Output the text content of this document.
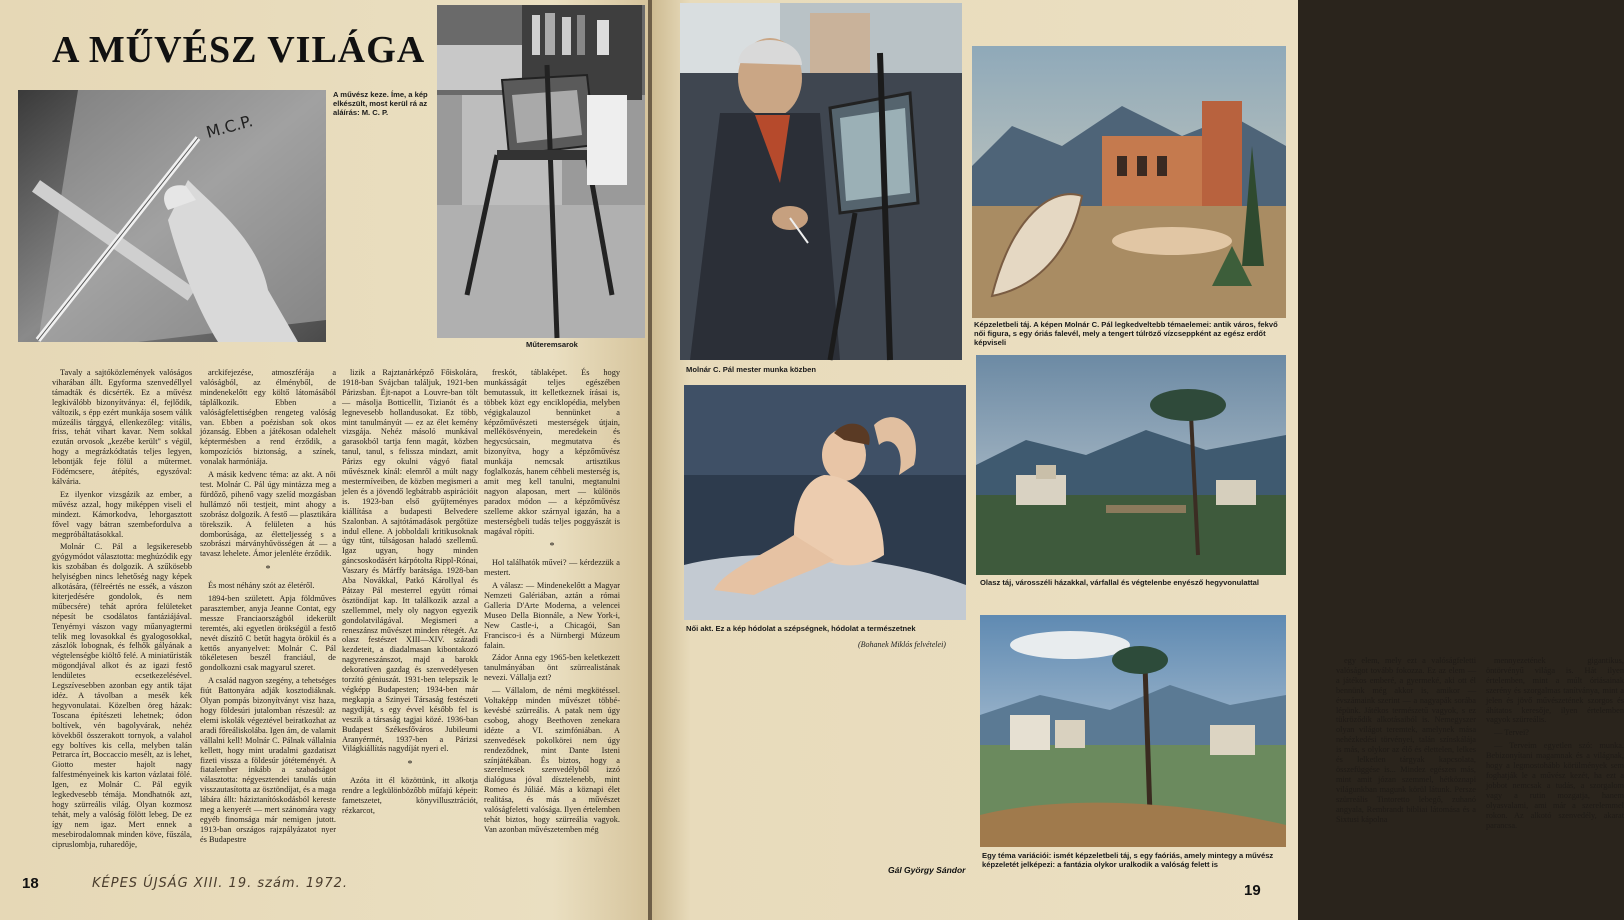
A MŰVÉSZ VILÁGA
M.C.P.
A művész keze. Íme, a kép elkészült, most kerül rá az aláírás: M. C. P.
Műteremsarok

Tavaly a sajtóközlemények valóságos viharában állt. Egyforma szenvedéllyel támadták és dicsérték. Ez a művész legkiválóbb bizonyítványa: él, fejlődik, változik, s épp ezért munkája sosem válik múzeális tárggyá, ellenkezőleg: vitális, friss, tehát vihart kavar. Nem sokkal ezután orvosok „kezébe került" s végül, hogy a megrázkódtatás teljes legyen, lebontják feje fölül a műtermet. Födémcsere, átépítés, egyszóval: kálvária.

Ez ilyenkor vizsgázik az ember, a művész azzal, hogy miképpen viseli el mindezt. Kámorkodva, lehorgasztott fővel vagy bátran szembefordulva a megpróbáltatásokkal.

Molnár C. Pál a legsikeresebb gyógymódot választotta: meghúzódik egy kis szobában és dolgozik. A szűkösebb helyiségben nincs lehetőség nagy képek alkotására, (félreértés ne essék, a vászon kiterjedésére gondolok, és nem műbecsére) tehát apróra felületeket népesít be csodálatos fantáziájával. Tenyérnyi vászon vagy műanyagtermi telik meg lovasokkal és gyalogosokkal, zászlók lobognak, és felhők gályának a végtelenségbe kiöltő felé. A miniatűristák mögondjával alkot és az igazi festő lendületes ecsetkezelésével. Legszívesebben azonban egy antik tájat idéz. A távolban a mesék kék hegyvonulatai. Közelben öreg házak: Toscana építészeti lehetnek; ódon boltívek, vén bagolyvárak, nehéz kövekből összerakott tornyok, a valahol egy boltíves kis cella, melyben talán Petrarca írt, Boccaccio mesélt, az is lehet, Giotto mester hajolt nagy falfestményeinek kis karton vázlatai fölé. Igen, ez Molnár C. Pál egyik legkedvesebb témája. Mondhatnók azt, hogy szürreális világ. Olyan kozmosz tehát, mely a valóság fölött lebeg. De ez így nem igaz. Mert ennek a mesebirodalomnak minden köve, fűszála, cipruslombja, ruharedője,

arckifejezése, atmoszférája a valóságból, az élményből, de mindenekelőtt egy költő látomásából táplálkozik. Ebben a valóságfelettiségben rengeteg valóság van. Ebben a poézisban sok okos józanság. Ebben a játékosan odalehelt képtermésben a rend érződik, a kompozíciós biztonság, a színek, vonalak harmóniája.

A másik kedvenc téma: az akt. A női test. Molnár C. Pál úgy mintázza meg a fürdőző, pihenő vagy szelíd mozgásban hullámzó női testjeit, mint ahogy a szobrász dolgozik. A festő — plasztikára törekszik. A felületen a hús domborúsága, az életteljesség s a szobrászi márványhűvösségen át — a tavasz lehelete. Ámor jelenléte érződik.

*

És most néhány szót az életéről.

1894-ben született. Apja földműves parasztember, anyja Jeanne Contat, egy messze Franciaországból idekerült teremtés, aki egyetlen örökségül a festő nevét díszítő C betűt hagyta örökül és a kettős anyanyelvet: Molnár C. Pál tökéletesen beszél franciául, de gondolkozni csak magyarul szeret.

A család nagyon szegény, a tehetséges fiút Battonyára adják kosztodiáknak. Olyan pompás bizonyítványt visz haza, hogy földesúri jutalomban részesül: az elemi iskolák végeztével beiratkozhat az aradi főreáliskolába. Igen ám, de valamit vállalni kell! Molnár C. Pálnak vállalnia kellett, hogy mint uradalmi gazdatiszt fizeti vissza a földesúr jótéteményét. A fiatalember inkább a szabadságot választotta: négyesztendei tanulás után visszautasította az ösztöndíjat, és a maga lábára állt: háziztanítóskodásból kereste meg a kenyerét — mert szánomára vagy egyéb finomsága már nemigen jutott. 1913-ban országos rajzpályázatot nyer és Budapestre

lizik a Rajztanárképző Főiskolára, 1918-ban Svájcban találjuk, 1921-ben Párizsban. Éjt-napot a Louvre-ban tölt — másolja Botticellit, Tizianót és a legnevesebb hollandusokat. Ez több, mint tanulmányút — ez az élet kemény vizsgája. Nehéz másoló munkával garasokból tartja fenn magát, közben tanul, tanul, s felissza mindazt, amit Párizs egy okulni vágyó fiatal művésznek kínál: elemről a múlt nagy mestermíveiben, de közben megismeri a jelen és a jövendő legbátrabb aspirációit is. 1923-ban első gyűjteményes kiállítása a budapesti Belvedere Szalonban. A sajtótámadások pergőtüze indul ellene. A jobboldali kritikusoknak úgy tűnt, túlságosan haladó szellemű. Igaz ugyan, hogy minden gáncsoskodásért kárpótolta Rippl-Rónai, Vaszary és Márffy barátsága. 1928-ban Aba Novákkal, Patkó Károllyal és Pátzay Pál mesterrel együtt római ösztöndíjat kap. Itt találkozik azzal a szellemmel, mely oly nagyon egyezik gondolatvilágával. Megismeri a reneszánsz művészet minden rétegét. Az olasz festészet XIII—XIV. századi kezdeteit, a diadalmasan kibontakozó nagyreneszánszot, majd a barokk dekoratíven gazdag és szenvedélyesen torzító géniuszát. 1931-ben telepszik le végképp Budapesten; 1934-ben már megkapja a Szinyei Társaság festészeti nagydíját, s egy évvel később fel is veszik a társaság tagjai közé. 1936-ban Budapest Székesfőváros Jubileumi Aranyérmét, 1937-ben a Párizsi Világkiállítás nagydíját nyeri el.

*

Azóta itt él közöttünk, itt alkotja rendre a legkülönbözőbb műfajú képeit: fametszetet, könyvillusztrációt, rézkarcot,

freskót, táblaképet. És hogy munkásságát teljes egészében bemutassuk, itt kelletkeznek írásai is, többek közt egy enciklopédia, melyben végigkalauzol bennünket a képzőművészeti mesterségek útjain, mellékösvényein, meredekein és hegycsúcsain, megmutatva és bizonyítva, hogy a képzőművész munkája nemcsak artisztikus foglalkozás, hanem céhbeli mesterség is, amit meg kell tanulni, megtanulni nagyon alaposan, mert — különös paradox módon — a képzőművész szelleme akkor szárnyal igazán, ha a mesterségbeli tudás teljes poggyászát is magával röpíti.

*

Hol találhatók művei? — kérdezzük a mestert.

A válasz: — Mindenekelőtt a Magyar Nemzeti Galériában, aztán a római Galleria D'Arte Moderna, a velencei Museo Della Bionnále, a New York-i, New Castle-i, a Chicagói, San Francisco-i és a Nürnbergi Múzeum falain.

Zádor Anna egy 1965-ben keletkezett tanulmányában önt szürrealistának nevezi. Vállalja ezt?

— Vállalom, de némi megkötéssel. Voltaképp minden művészet többé-kevésbé szürreális. A patak nem úgy csobog, ahogy Beethoven zenekara idézte a VI. szimfóniában. A szenvedések pokolkörei nem úgy rendeződnek, mint Dante Isteni színjátékában. És biztos, hogy a szerelmesek szenvedélyből izzó dialógusa jóval dísztelenebb, mint Romeo és Júliáé. Más a köznapi élet realitása, és más a művészet valóságfeletti valósága. Ilyen értelemben tehát biztos, hogy szürreália vagyok. Van azonban művészetemben még

18	KÉPES ÚJSÁG XIII. 19. szám. 1972.

egy elem, mely ezt a valóságfeletti valóságot tovább fokozza. Ez az elem — a játékos emberé, a gyermeké, aki ott él bennünk még akkor is, amikor — évszámaink szerint — a nagyapák sorába lépünk. Játékos természetű vagyok, s ez tükröződik alkotásaiból is. Nemegyszer olyan világot teremtek, amelynek mása nehézkedési törvényei, talán színskálája is más, s olykor az élő és élettelen, lelkes és lelketlen tárgyak kapcsolata, összefüggése is... Mindez egészen más, mint amit józan szemmel, hétköznapi világunkban magunk körül látunk. Persze szürreális Tintoretto lebegő, zuhanó angyala, Rembrandt bibliai látomása és a Sixtusi kápolna

mennyezetének gigantikus, öntörvényű világa is. Hát ilyen értelemben, mint a múlt óriásainak szerény és szorgalmas tanítványa, mint a jelen és jövő művészetének szorgos és áhítatos keresője, ilyen értelemben vagyok szürreális.

— Tervei?

— Terveim egyetlen szó: munka. Bebizonyítani magamnak és a világnak, hogy a legmostohább körülmények sem foghatják le a művész kezét, ha ezt a jobbot nemcsak a tudás, a szorgalom vagy a rutin mozgatja, hanem olyasvalami, ami már a szerelemmel rokon. Az alkotó szenvedély, akarat parancsa.

Molnár C. Pál mester munka közben
Képzeletbeli táj. A képen Molnár C. Pál legkedveltebb témaelemei: antik város, fekvő női figura, s egy óriás falevél, mely a tengert túlröző vízcseppként az egész erdőt képviseli
Női akt. Ez a kép hódolat a szépségnek, hódolat a természetnek
(Bohanek Miklós felvételei)
Olasz táj, városszéli házakkal, várfallal és végtelenbe enyésző hegyvonulattal
Egy téma variációi: ismét képzeletbeli táj, s egy faóriás, amely mintegy a művész képzeletét jelképezi: a fantázia olykor uralkodik a valóság felett is
Gál György Sándor
19
